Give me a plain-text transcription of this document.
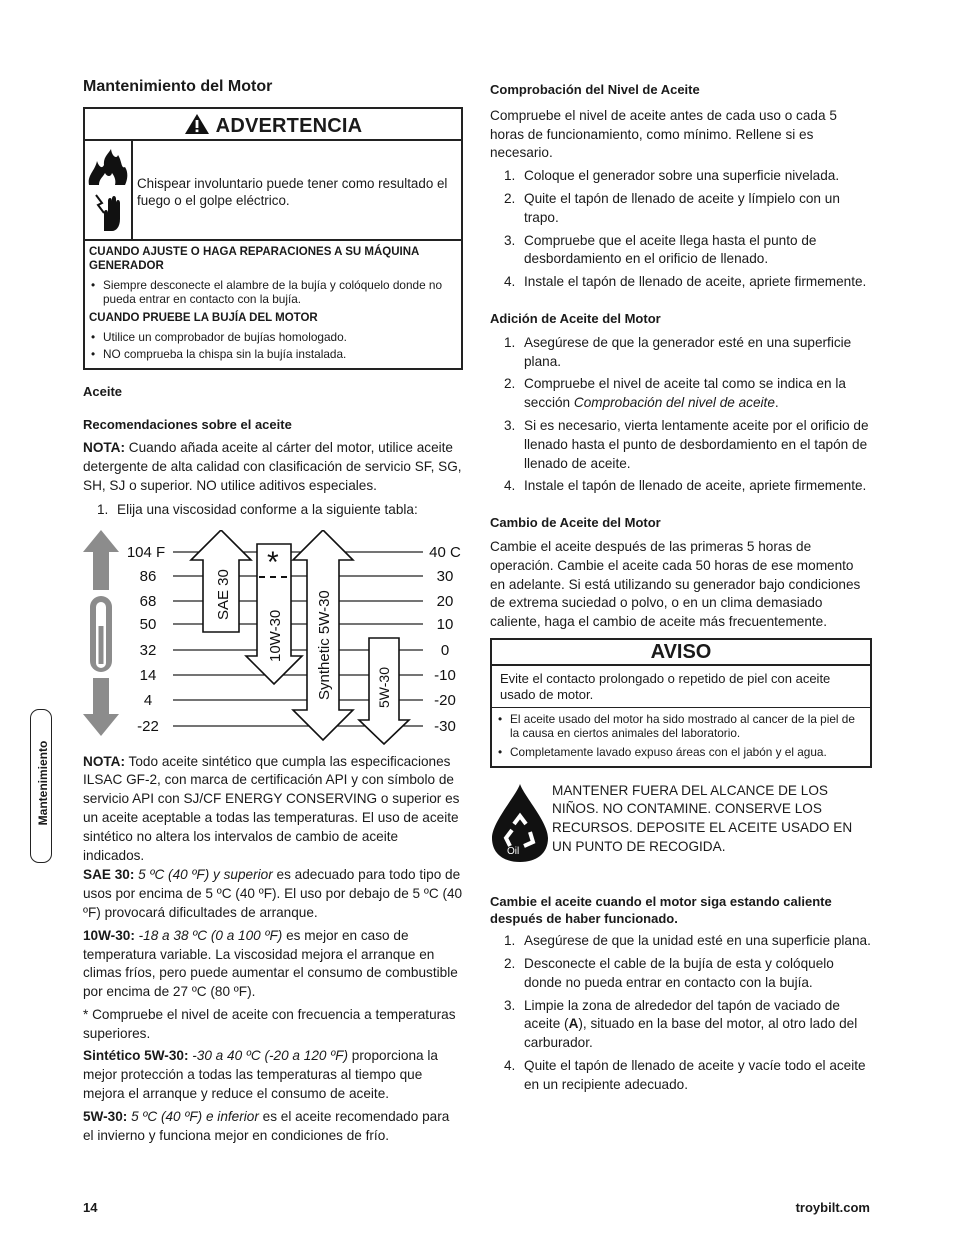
Mantenimiento
Mantenimiento del Motor
ADVERTENCIA
Chispear involuntario puede tener como resultado el fuego o el golpe eléctrico.
CUANDO AJUSTE O HAGA REPARACIONES A SU MÁQUINA GENERADOR
• Siempre desconecte el alambre de la bujía y colóquelo donde no pueda entrar en contacto con la bujía.
CUANDO PRUEBE LA BUJÍA DEL MOTOR
• Utilice un comprobador de bujías homologado.
• NO comprueba la chispa sin la bujía instalada.

Aceite

Recomendaciones sobre el aceite

NOTA: Cuando añada aceite al cárter del motor, utilice aceite detergente de alta calidad con clasificación de servicio SF, SG, SH, SJ o superior. NO utilice aditivos especiales.

1. Elija una viscosidad conforme a la siguiente tabla:
104 F
86
68
50
32
14
4
-22
40 C
30
20
10
0
-10
-20
-30
SAE 30
10W-30
*
Synthetic 5W-30	5W-30

NOTA: Todo aceite sintético que cumpla las especificaciones ILSAC GF-2, con marca de certificación API y con símbolo de servicio API con SJ/CF ENERGY CONSERVING o superior es un aceite aceptable a todas las temperaturas. El uso de aceite sintético no altera los intervalos de cambio de aceite indicados.

SAE 30: 5 ºC (40 ºF) y superior es adecuado para todo tipo de usos por encima de 5 ºC (40 ºF). El uso por debajo de 5 ºC (40 ºF) provocará dificultades de arranque.

10W-30: -18 a 38 ºC (0 a 100 ºF) es mejor en caso de temperatura variable. La viscosidad mejora el arranque en climas fríos, pero puede aumentar el consumo de combustible por encima de 27 ºC (80 ºF).

* Compruebe el nivel de aceite con frecuencia a temperaturas superiores.

Sintético 5W-30: -30 a 40 ºC (-20 a 120 ºF) proporciona la mejor protección a todas las temperaturas al tiempo que mejora el arranque y reduce el consumo de aceite.

5W-30: 5 ºC (40 ºF) e inferior es el aceite recomendado para el invierno y funciona mejor en condiciones de frío.

Comprobación del Nivel de Aceite

Compruebe el nivel de aceite antes de cada uso o cada 5 horas de funcionamiento, como mínimo. Rellene si es necesario.

1. Coloque el generador sobre una superficie nivelada.
2. Quite el tapón de llenado de aceite y límpielo con un trapo.
3. Compruebe que el aceite llega hasta el punto de desbordamiento en el orificio de llenado.
4. Instale el tapón de llenado de aceite, apriete firmemente.

Adición de Aceite del Motor

1. Asegúrese de que la generador esté en una superficie plana.
2. Compruebe el nivel de aceite tal como se indica en la sección Comprobación del nivel de aceite.
3. Si es necesario, vierta lentamente aceite por el orificio de llenado hasta el punto de desbordamiento en el tapón de llenado de aceite.
4. Instale el tapón de llenado de aceite, apriete firmemente.

Cambio de Aceite del Motor

Cambie el aceite después de las primeras 5 horas de operación. Cambie el aceite cada 50 horas de ese momento en adelante. Si está utilizando su generador bajo condiciones de extrema suciedad o polvo, o en un clima demasiado caliente, haga el cambio de aceite más frecuentemente.

AVISO
Evite el contacto prolongado o repetido de piel con aceite usado de motor.
• El aceite usado del motor ha sido mostrado al cancer de la piel de la causa en ciertos animales del laboratorio.
• Completamente lavado expuso áreas con el jabón y el agua.
Oil

MANTENER FUERA DEL ALCANCE DE LOS NIÑOS. NO CONTAMINE. CONSERVE LOS RECURSOS. DEPOSITE EL ACEITE USADO EN UN PUNTO DE RECOGIDA.

Cambie el aceite cuando el motor siga estando caliente después de haber funcionado.

1. Asegúrese de que la unidad esté en una superficie plana.
2. Desconecte el cable de la bujía de esta y colóquelo donde no pueda entrar en contacto con la bujía.
3. Limpie la zona de alrededor del tapón de vaciado de aceite (A), situado en la base del motor, al otro lado del carburador.
4. Quite el tapón de llenado de aceite y vacíe todo el aceite en un recipiente adecuado.
14	troybilt.com
